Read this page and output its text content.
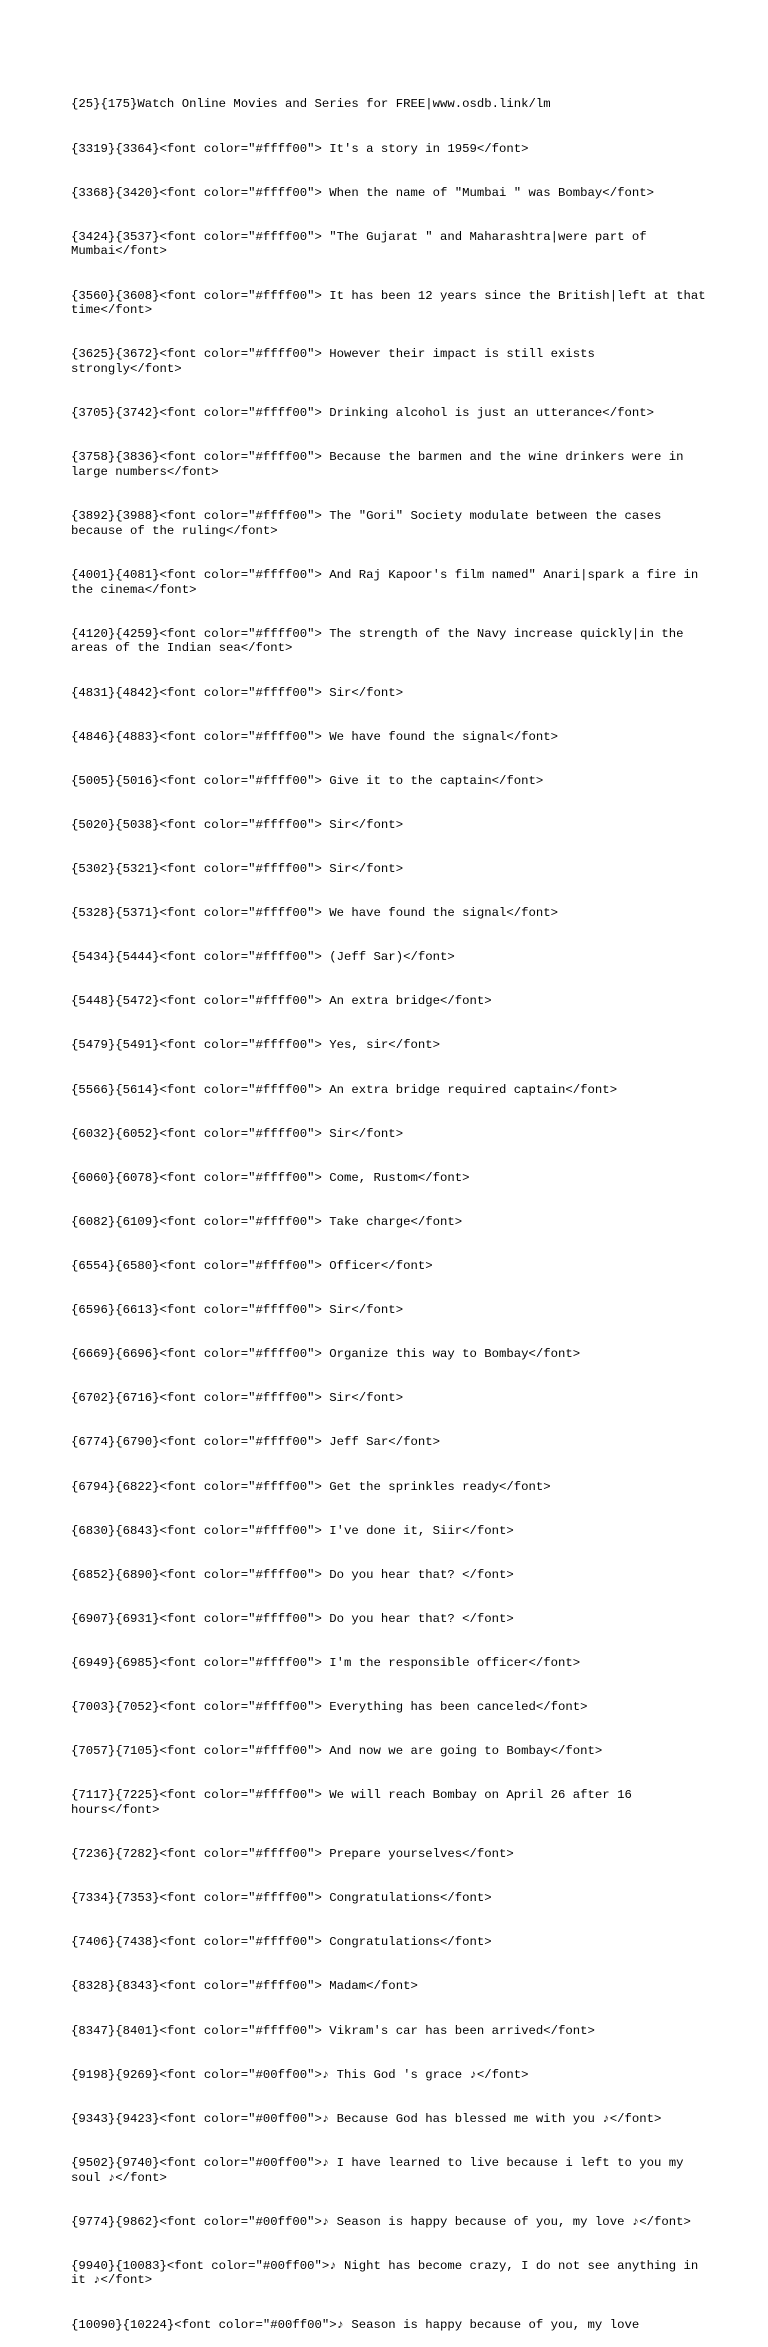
{25}{175}Watch Online Movies and Series for FREE|www.osdb.link/lm

{3319}{3364}<font color="#ffff00"> It's a story in 1959</font>

{3368}{3420}<font color="#ffff00"> When the name of "Mumbai " was Bombay</font>

{3424}{3537}<font color="#ffff00"> "The Gujarat " and Maharashtra|were part of Mumbai</font>

{3560}{3608}<font color="#ffff00"> It has been 12 years since the British|left at that time</font>

{3625}{3672}<font color="#ffff00"> However their impact is still exists strongly</font>

{3705}{3742}<font color="#ffff00"> Drinking alcohol is just an utterance</font>

{3758}{3836}<font color="#ffff00"> Because the barmen and the wine drinkers were in large numbers</font>

{3892}{3988}<font color="#ffff00"> The "Gori" Society modulate between the cases because of the ruling</font>

{4001}{4081}<font color="#ffff00"> And Raj Kapoor's film named" Anari|spark a fire in the cinema</font>

{4120}{4259}<font color="#ffff00"> The strength of the Navy increase quickly|in the areas of the Indian sea</font>

{4831}{4842}<font color="#ffff00"> Sir</font>

{4846}{4883}<font color="#ffff00"> We have found the signal</font>

{5005}{5016}<font color="#ffff00"> Give it to the captain</font>

{5020}{5038}<font color="#ffff00"> Sir</font>

{5302}{5321}<font color="#ffff00"> Sir</font>

{5328}{5371}<font color="#ffff00"> We have found the signal</font>

{5434}{5444}<font color="#ffff00"> (Jeff Sar)</font>

{5448}{5472}<font color="#ffff00"> An extra bridge</font>

{5479}{5491}<font color="#ffff00"> Yes, sir</font>

{5566}{5614}<font color="#ffff00"> An extra bridge required captain</font>

{6032}{6052}<font color="#ffff00"> Sir</font>

{6060}{6078}<font color="#ffff00"> Come, Rustom</font>

{6082}{6109}<font color="#ffff00"> Take charge</font>

{6554}{6580}<font color="#ffff00"> Officer</font>

{6596}{6613}<font color="#ffff00"> Sir</font>

{6669}{6696}<font color="#ffff00"> Organize this way to Bombay</font>

{6702}{6716}<font color="#ffff00"> Sir</font>

{6774}{6790}<font color="#ffff00"> Jeff Sar</font>

{6794}{6822}<font color="#ffff00"> Get the sprinkles ready</font>

{6830}{6843}<font color="#ffff00"> I've done it, Siir</font>

{6852}{6890}<font color="#ffff00"> Do you hear that? </font>

{6907}{6931}<font color="#ffff00"> Do you hear that? </font>

{6949}{6985}<font color="#ffff00"> I'm the responsible officer</font>

{7003}{7052}<font color="#ffff00"> Everything has been canceled</font>

{7057}{7105}<font color="#ffff00"> And now we are going to Bombay</font>

{7117}{7225}<font color="#ffff00"> We will reach Bombay on April 26 after 16 hours</font>

{7236}{7282}<font color="#ffff00"> Prepare yourselves</font>

{7334}{7353}<font color="#ffff00"> Congratulations</font>

{7406}{7438}<font color="#ffff00"> Congratulations</font>

{8328}{8343}<font color="#ffff00"> Madam</font>

{8347}{8401}<font color="#ffff00"> Vikram's car has been arrived</font>

{9198}{9269}<font color="#00ff00">♪ This God 's grace ♪</font>

{9343}{9423}<font color="#00ff00">♪ Because God has blessed me with you ♪</font>

{9502}{9740}<font color="#00ff00">♪ I have learned to live because i left to you my soul ♪</font>

{9774}{9862}<font color="#00ff00">♪ Season is happy because of you, my love ♪</font>

{9940}{10083}<font color="#00ff00">♪ Night has become crazy, I do not see anything in it ♪</font>

{10090}{10224}<font color="#00ff00">♪ Season is happy because of you, my love
